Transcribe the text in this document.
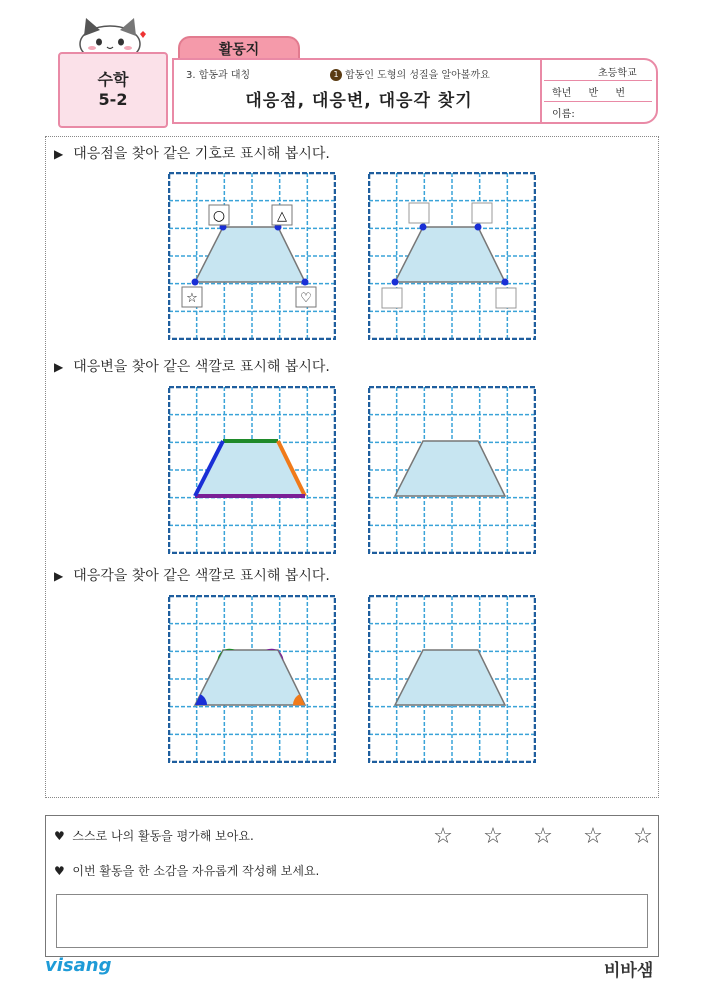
수학
5-2
활동지
3. 합동과 대칭	1 합동인 도형의 성질을 알아볼까요
대응점, 대응변, 대응각 찾기
초등학교
학년 반 번
이름:
▶ 대응점을 찾아 같은 기호로 표시해 봅시다.
▶ 대응변을 찾아 같은 색깔로 표시해 봅시다.
▶ 대응각을 찾아 같은 색깔로 표시해 봅시다.
○	△
☆	♡
♥ 스스로 나의 활동을 평가해 보아요.	☆ ☆ ☆ ☆ ☆
♥ 이번 활동을 한 소감을 자유롭게 작성해 보세요.
visang	비바샘
